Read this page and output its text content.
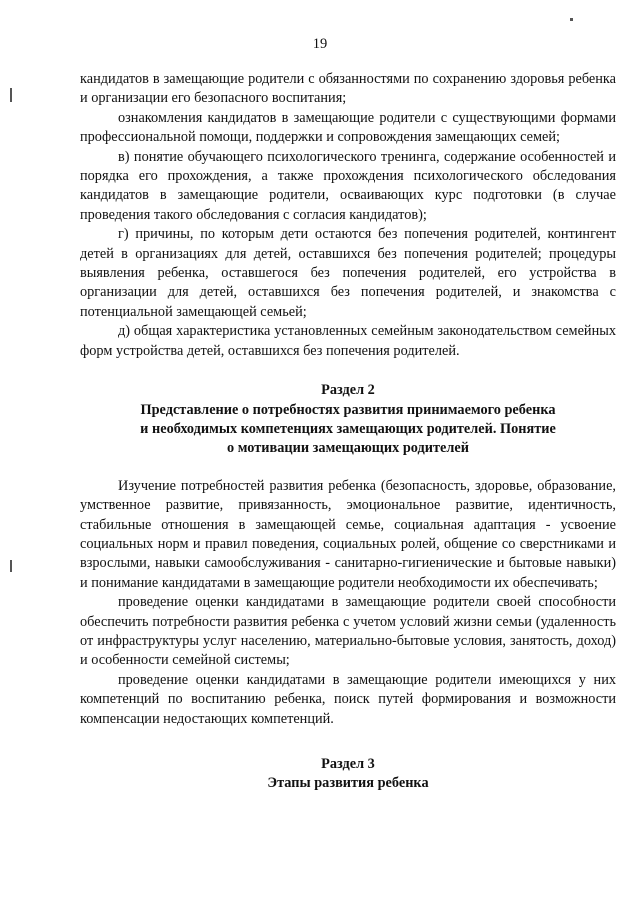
19

кандидатов в замещающие родители с обязанностями по сохранению здоровья ребенка и организации его безопасного воспитания;

ознакомления кандидатов в замещающие родители с существующими формами профессиональной помощи, поддержки и сопровождения замещающих семей;

в) понятие обучающего психологического тренинга, содержание особенностей и порядка его прохождения, а также прохождения психологического обследования кандидатов в замещающие родители, осваивающих курс подготовки (в случае проведения такого обследования с согласия кандидатов);

г) причины, по которым дети остаются без попечения родителей, контингент детей в организациях для детей, оставшихся без попечения родителей; процедуры выявления ребенка, оставшегося без попечения родителей, его устройства в организации для детей, оставшихся без попечения родителей, и знакомства с потенциальной замещающей семьей;

д) общая характеристика установленных семейным законодательством семейных форм устройства детей, оставшихся без попечения родителей.

Раздел 2

Представление о потребностях развития принимаемого ребенка

и необходимых компетенциях замещающих родителей. Понятие

о мотивации замещающих родителей

Изучение потребностей развития ребенка (безопасность, здоровье, образование, умственное развитие, привязанность, эмоциональное развитие, идентичность, стабильные отношения в замещающей семье, социальная адаптация - усвоение социальных норм и правил поведения, социальных ролей, общение со сверстниками и взрослыми, навыки самообслуживания - санитарно-гигиенические и бытовые навыки) и понимание кандидатами в замещающие родители необходимости их обеспечивать;

проведение оценки кандидатами в замещающие родители своей способности обеспечить потребности развития ребенка с учетом условий жизни семьи (удаленность от инфраструктуры услуг населению, материально-бытовые условия, занятость, доход) и особенности семейной системы;

проведение оценки кандидатами в замещающие родители имеющихся у них компетенций по воспитанию ребенка, поиск путей формирования и возможности компенсации недостающих компетенций.

Раздел 3

Этапы развития ребенка
